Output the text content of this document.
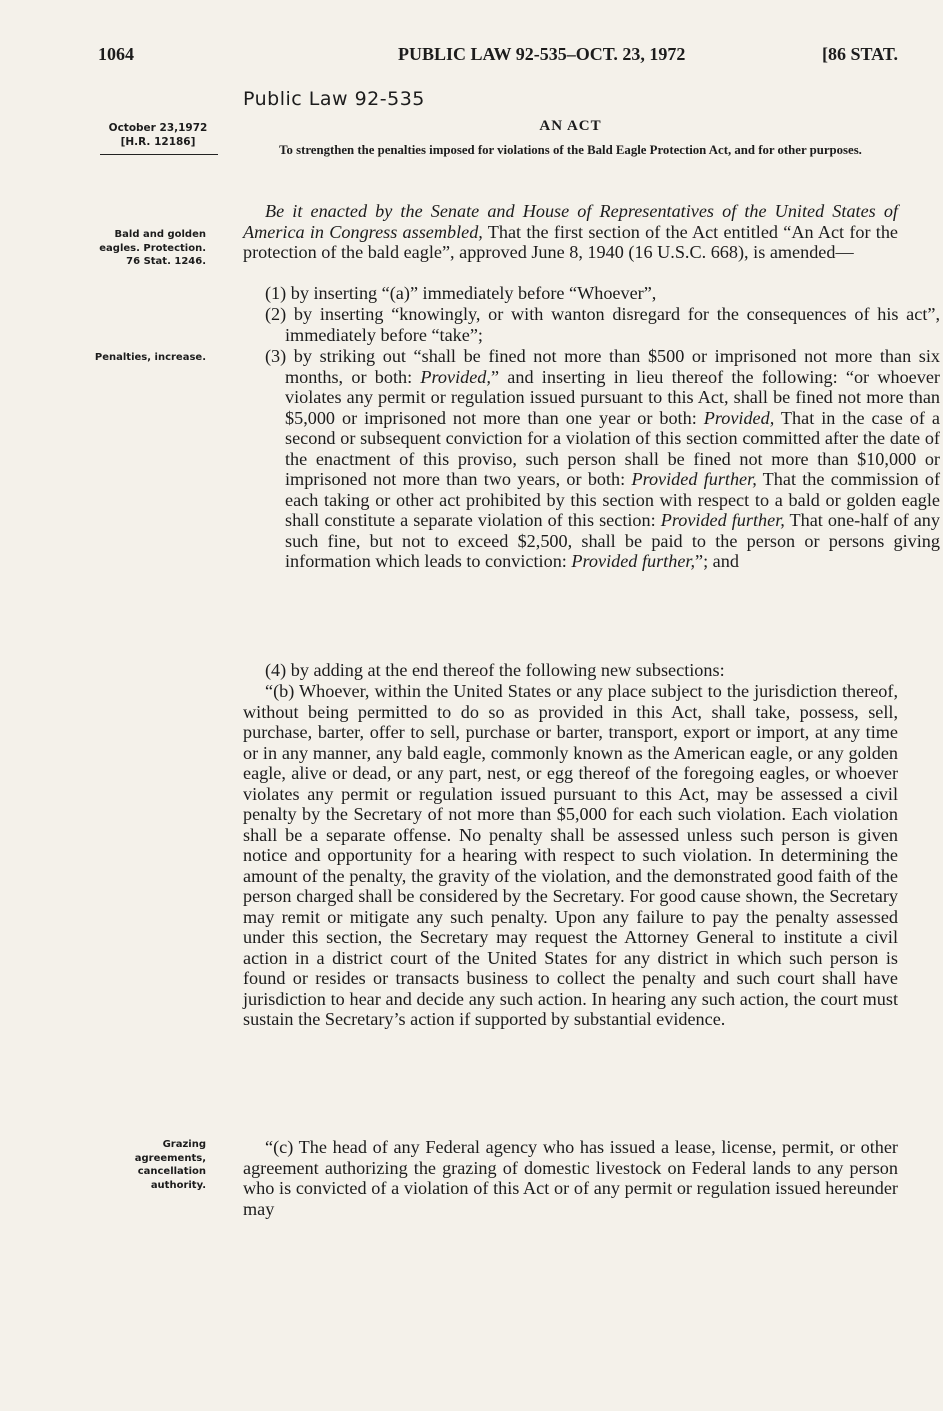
1064	PUBLIC LAW 92-535–OCT. 23, 1972	[86 STAT.
Public Law 92-535
AN ACT
To strengthen the penalties imposed for violations of the Bald Eagle Protection Act, and for other purposes.
October 23,1972
[H.R. 12186]
Bald and golden eagles. Protection. 76 Stat. 1246.
Penalties, increase.
Grazing agreements, cancellation authority.

Be it enacted by the Senate and House of Representatives of the United States of America in Congress assembled, That the first section of the Act entitled “An Act for the protection of the bald eagle”, approved June 8, 1940 (16 U.S.C. 668), is amended—

(1) by inserting “(a)” immediately before “Whoever”,

(2) by inserting “knowingly, or with wanton disregard for the consequences of his act”, immediately before “take”;

(3) by striking out “shall be fined not more than $500 or imprisoned not more than six months, or both: Provided,” and inserting in lieu thereof the following: “or whoever violates any permit or regulation issued pursuant to this Act, shall be fined not more than $5,000 or imprisoned not more than one year or both: Provided, That in the case of a second or subsequent conviction for a violation of this section committed after the date of the enactment of this proviso, such person shall be fined not more than $10,000 or imprisoned not more than two years, or both: Provided further, That the commission of each taking or other act prohibited by this section with respect to a bald or golden eagle shall constitute a separate violation of this section: Provided further, That one-half of any such fine, but not to exceed $2,500, shall be paid to the person or persons giving information which leads to conviction: Provided further,”; and

(4) by adding at the end thereof the following new subsections:

“(b) Whoever, within the United States or any place subject to the jurisdiction thereof, without being permitted to do so as provided in this Act, shall take, possess, sell, purchase, barter, offer to sell, purchase or barter, transport, export or import, at any time or in any manner, any bald eagle, commonly known as the American eagle, or any golden eagle, alive or dead, or any part, nest, or egg thereof of the foregoing eagles, or whoever violates any permit or regulation issued pursuant to this Act, may be assessed a civil penalty by the Secretary of not more than $5,000 for each such violation. Each violation shall be a separate offense. No penalty shall be assessed unless such person is given notice and opportunity for a hearing with respect to such violation. In determining the amount of the penalty, the gravity of the violation, and the demonstrated good faith of the person charged shall be considered by the Secretary. For good cause shown, the Secretary may remit or mitigate any such penalty. Upon any failure to pay the penalty assessed under this section, the Secretary may request the Attorney General to institute a civil action in a district court of the United States for any district in which such person is found or resides or transacts business to collect the penalty and such court shall have jurisdiction to hear and decide any such action. In hearing any such action, the court must sustain the Secretary’s action if supported by substantial evidence.

“(c) The head of any Federal agency who has issued a lease, license, permit, or other agreement authorizing the grazing of domestic livestock on Federal lands to any person who is convicted of a violation of this Act or of any permit or regulation issued hereunder may
